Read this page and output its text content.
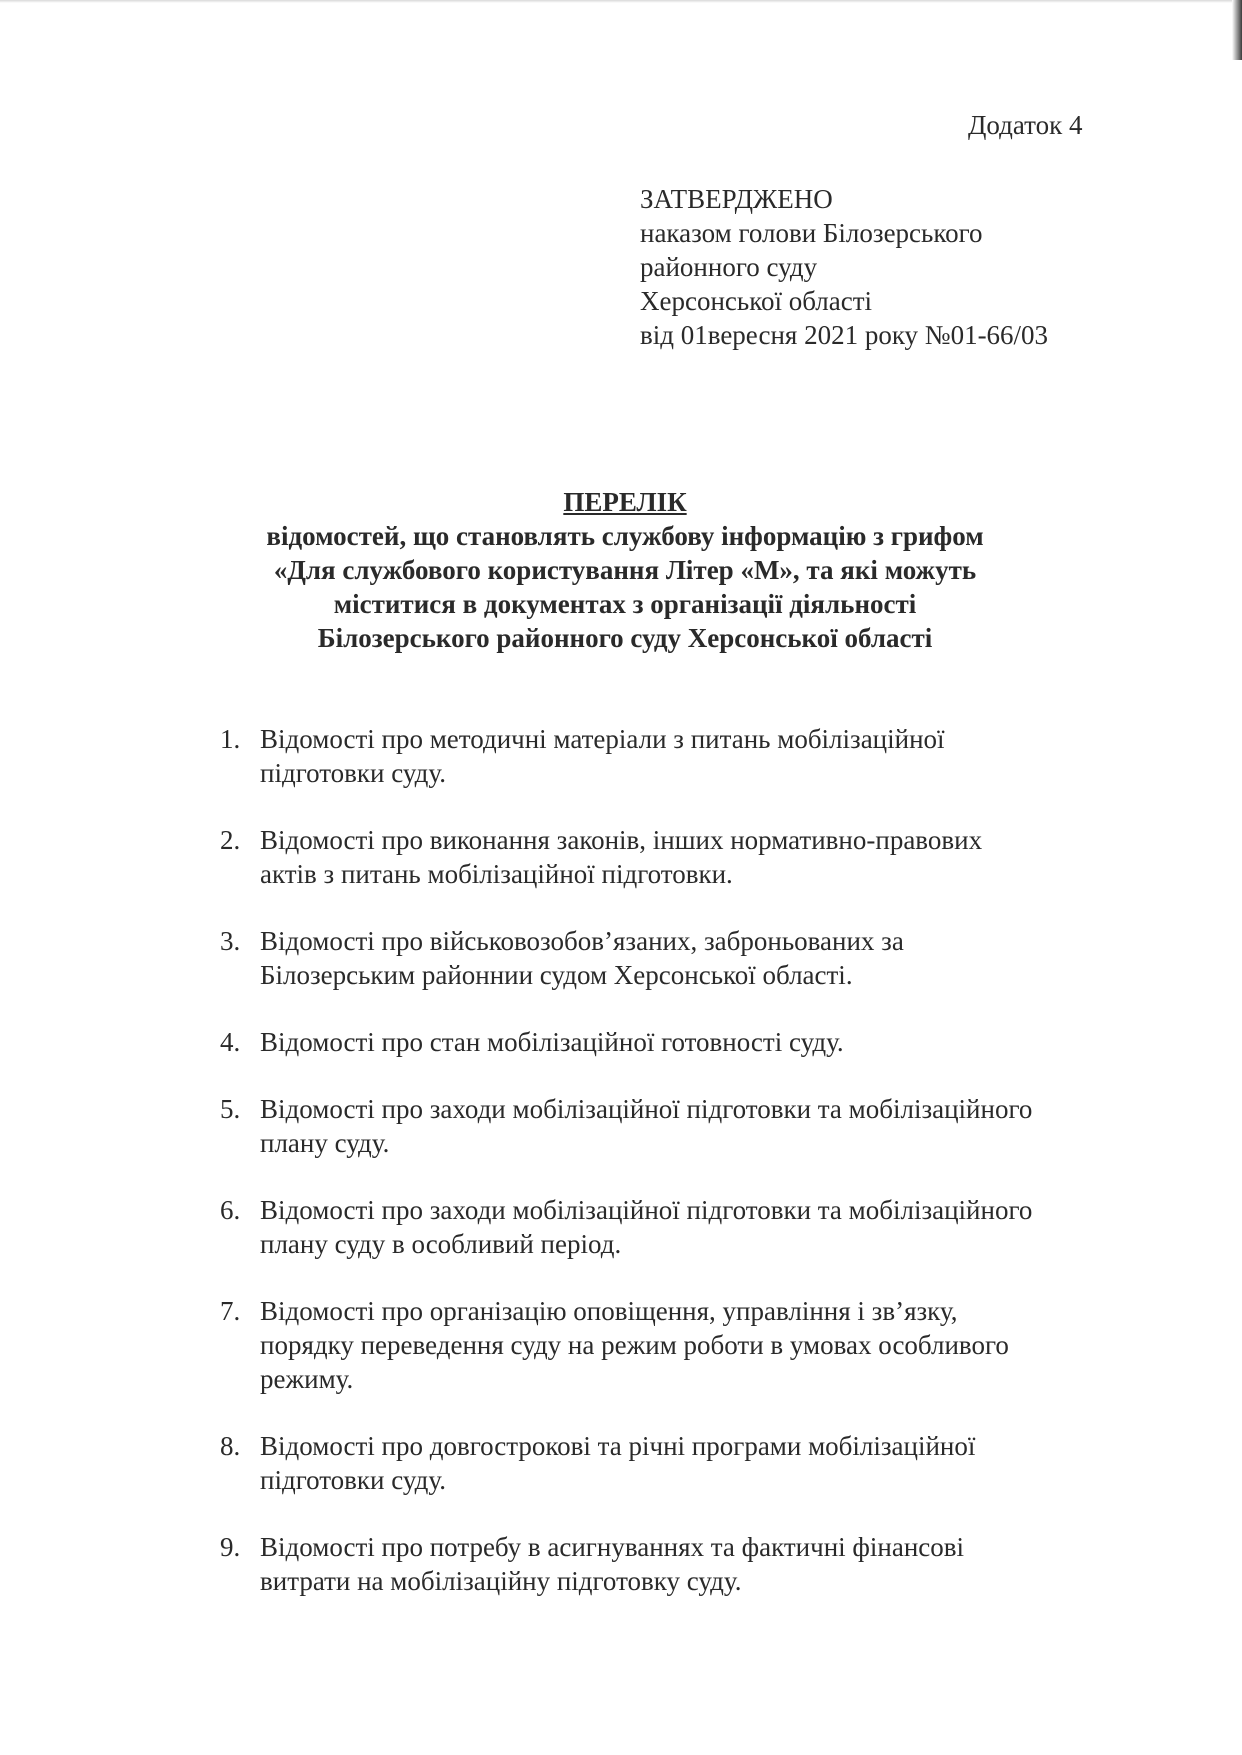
Додаток 4
ЗАТВЕРДЖЕНО
наказом голови Білозерського
районного суду
Херсонської області
від 01вересня 2021 року №01-66/03
ПЕРЕЛІК
відомостей, що становлять службову інформацію з грифом
«Для службового користування Літер «М», та які можуть
міститися в документах з організації діяльності
Білозерського районного суду Херсонської області
1. Відомості про методичні матеріали з питань мобілізаційної
підготовки суду.
2. Відомості про виконання законів, інших нормативно-правових
актів з питань мобілізаційної підготовки.
3. Відомості про військовозобов’язаних, заброньованих за
Білозерським районнии судом Херсонської області.
4. Відомості про стан мобілізаційної готовності суду.
5. Відомості про заходи мобілізаційної підготовки та мобілізаційного
плану суду.
6. Відомості про заходи мобілізаційної підготовки та мобілізаційного
плану суду в особливий період.
7. Відомості про організацію оповіщення, управління і зв’язку,
порядку переведення суду на режим роботи в умовах особливого
режиму.
8. Відомості про довгострокові та річні програми мобілізаційної
підготовки суду.
9. Відомості про потребу в асигнуваннях та фактичні фінансові
витрати на мобілізаційну підготовку суду.
